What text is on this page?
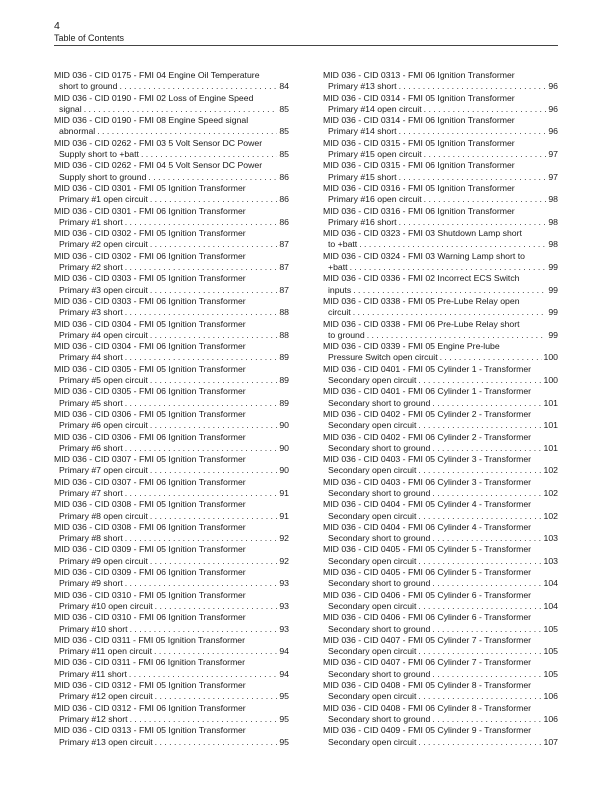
4
Table of Contents
MID 036 - CID 0175 - FMI 04 Engine Oil Temperature
short to ground . . .	84
MID 036 - CID 0190 - FMI 02 Loss of Engine Speed
signal . . .	85
MID 036 - CID 0190 - FMI 08 Engine Speed signal
abnormal . . .	85
MID 036 - CID 0262 - FMI 03 5 Volt Sensor DC Power
Supply short to +batt . . .	85
MID 036 - CID 0262 - FMI 04 5 Volt Sensor DC Power
Supply short to ground . . .	86
MID 036 - CID 0301 - FMI 05 Ignition Transformer
Primary #1 open circuit . . .	86
MID 036 - CID 0301 - FMI 06 Ignition Transformer
Primary #1 short . . .	86
MID 036 - CID 0302 - FMI 05 Ignition Transformer
Primary #2 open circuit . . .	87
MID 036 - CID 0302 - FMI 06 Ignition Transformer
Primary #2 short . . .	87
MID 036 - CID 0303 - FMI 05 Ignition Transformer
Primary #3 open circuit . . .	87
MID 036 - CID 0303 - FMI 06 Ignition Transformer
Primary #3 short . . .	88
MID 036 - CID 0304 - FMI 05 Ignition Transformer
Primary #4 open circuit . . .	88
MID 036 - CID 0304 - FMI 06 Ignition Transformer
Primary #4 short . . .	89
MID 036 - CID 0305 - FMI 05 Ignition Transformer
Primary #5 open circuit . . .	89
MID 036 - CID 0305 - FMI 06 Ignition Transformer
Primary #5 short . . .	89
MID 036 - CID 0306 - FMI 05 Ignition Transformer
Primary #6 open circuit . . .	90
MID 036 - CID 0306 - FMI 06 Ignition Transformer
Primary #6 short . . .	90
MID 036 - CID 0307 - FMI 05 Ignition Transformer
Primary #7 open circuit . . .	90
MID 036 - CID 0307 - FMI 06 Ignition Transformer
Primary #7 short . . .	91
MID 036 - CID 0308 - FMI 05 Ignition Transformer
Primary #8 open circuit . . .	91
MID 036 - CID 0308 - FMI 06 Ignition Transformer
Primary #8 short . . .	92
MID 036 - CID 0309 - FMI 05 Ignition Transformer
Primary #9 open circuit . . .	92
MID 036 - CID 0309 - FMI 06 Ignition Transformer
Primary #9 short . . .	93
MID 036 - CID 0310 - FMI 05 Ignition Transformer
Primary #10 open circuit . . .	93
MID 036 - CID 0310 - FMI 06 Ignition Transformer
Primary #10 short . . .	93
MID 036 - CID 0311 - FMI 05 Ignition Transformer
Primary #11 open circuit . . .	94
MID 036 - CID 0311 - FMI 06 Ignition Transformer
Primary #11 short . . .	94
MID 036 - CID 0312 - FMI 05 Ignition Transformer
Primary #12 open circuit . . .	95
MID 036 - CID 0312 - FMI 06 Ignition Transformer
Primary #12 short . . .	95
MID 036 - CID 0313 - FMI 05 Ignition Transformer
Primary #13 open circuit . . .	95
MID 036 - CID 0313 - FMI 06 Ignition Transformer
Primary #13 short . . .	96
MID 036 - CID 0314 - FMI 05 Ignition Transformer
Primary #14 open circuit . . .	96
MID 036 - CID 0314 - FMI 06 Ignition Transformer
Primary #14 short . . .	96
MID 036 - CID 0315 - FMI 05 Ignition Transformer
Primary #15 open circuit . . .	97
MID 036 - CID 0315 - FMI 06 Ignition Transformer
Primary #15 short . . .	97
MID 036 - CID 0316 - FMI 05 Ignition Transformer
Primary #16 open circuit . . .	98
MID 036 - CID 0316 - FMI 06 Ignition Transformer
Primary #16 short . . .	98
MID 036 - CID 0323 - FMI 03 Shutdown Lamp short
to +batt . . .	98
MID 036 - CID 0324 - FMI 03 Warning Lamp short to
+batt . . .	99
MID 036 - CID 0336 - FMI 02 Incorrect ECS Switch
inputs . . .	99
MID 036 - CID 0338 - FMI 05 Pre-Lube Relay open
circuit . . .	99
MID 036 - CID 0338 - FMI 06 Pre-Lube Relay short
to ground . . .	99
MID 036 - CID 0339 - FMI 05 Engine Pre-lube
Pressure Switch open circuit . . .	100
MID 036 - CID 0401 - FMI 05 Cylinder 1 - Transformer
Secondary open circuit . . .	100
MID 036 - CID 0401 - FMI 06 Cylinder 1 - Transformer
Secondary short to ground . . .	101
MID 036 - CID 0402 - FMI 05 Cylinder 2 - Transformer
Secondary open circuit . . .	101
MID 036 - CID 0402 - FMI 06 Cylinder 2 - Transformer
Secondary short to ground . . .	101
MID 036 - CID 0403 - FMI 05 Cylinder 3 - Transformer
Secondary open circuit . . .	102
MID 036 - CID 0403 - FMI 06 Cylinder 3 - Transformer
Secondary short to ground . . .	102
MID 036 - CID 0404 - FMI 05 Cylinder 4 - Transformer
Secondary open circuit . . .	102
MID 036 - CID 0404 - FMI 06 Cylinder 4 - Transformer
Secondary short to ground . . .	103
MID 036 - CID 0405 - FMI 05 Cylinder 5 - Transformer
Secondary open circuit . . .	103
MID 036 - CID 0405 - FMI 06 Cylinder 5 - Transformer
Secondary short to ground . . .	104
MID 036 - CID 0406 - FMI 05 Cylinder 6 - Transformer
Secondary open circuit . . .	104
MID 036 - CID 0406 - FMI 06 Cylinder 6 - Transformer
Secondary short to ground . . .	105
MID 036 - CID 0407 - FMI 05 Cylinder 7 - Transformer
Secondary open circuit . . .	105
MID 036 - CID 0407 - FMI 06 Cylinder 7 - Transformer
Secondary short to ground . . .	105
MID 036 - CID 0408 - FMI 05 Cylinder 8 - Transformer
Secondary open circuit . . .	106
MID 036 - CID 0408 - FMI 06 Cylinder 8 - Transformer
Secondary short to ground . . .	106
MID 036 - CID 0409 - FMI 05 Cylinder 9 - Transformer
Secondary open circuit . . .	107
